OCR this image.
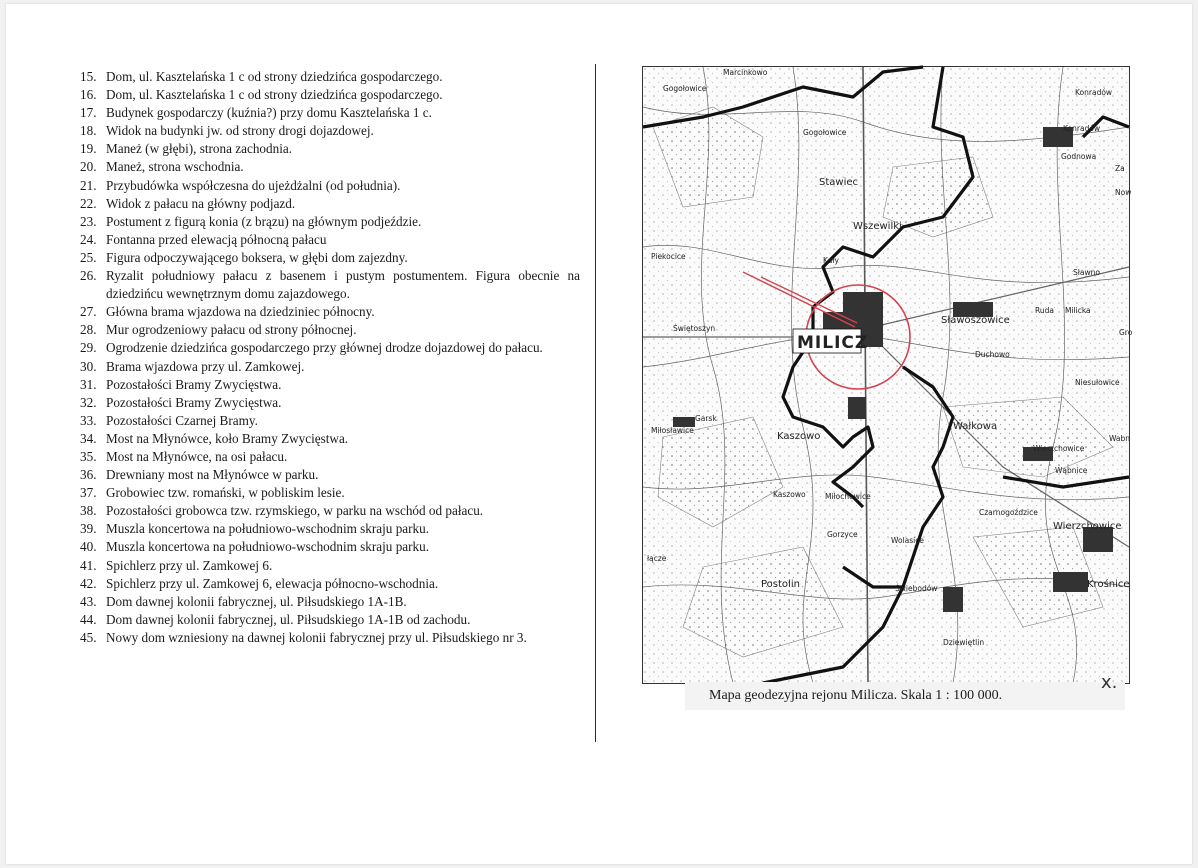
15. Dom, ul. Kasztelańska 1 c od strony dziedzińca gospodarczego.
16. Dom, ul. Kasztelańska 1 c od strony dziedzińca gospodarczego.
17. Budynek gospodarczy (kuźnia?) przy domu Kasztelańska 1 c.
18. Widok na budynki jw. od strony drogi dojazdowej.
19. Maneż (w głębi), strona zachodnia.
20. Maneż, strona wschodnia.
21. Przybudówka współczesna do ujeżdżalni (od południa).
22. Widok z pałacu na główny podjazd.
23. Postument z figurą konia (z brązu) na głównym podjeździe.
24. Fontanna przed elewacją północną pałacu
25. Figura odpoczywającego boksera, w głębi dom zajezdny.
26. Ryzalit południowy pałacu z basenem i pustym postumentem. Figura obecnie na dziedzińcu wewnętrznym domu zajazdowego.
27. Główna brama wjazdowa na dziedziniec północny.
28. Mur ogrodzeniowy pałacu od strony północnej.
29. Ogrodzenie dziedzińca gospodarczego przy głównej drodze dojazdowej do pałacu.
30. Brama wjazdowa przy ul. Zamkowej.
31. Pozostałości Bramy Zwycięstwa.
32. Pozostałości Bramy Zwycięstwa.
33. Pozostałości Czarnej Bramy.
34. Most na Młynówce, koło Bramy Zwycięstwa.
35. Most na Młynówce, na osi pałacu.
36. Drewniany most na Młynówce w parku.
37. Grobowiec tzw. romański, w pobliskim lesie.
38. Pozostałości grobowca tzw. rzymskiego, w parku na wschód od pałacu.
39. Muszla koncertowa na południowo-wschodnim skraju parku.
40. Muszla koncertowa na południowo-wschodnim skraju parku.
41. Spichlerz przy ul. Zamkowej 6.
42. Spichlerz przy ul. Zamkowej 6, elewacja północno-wschodnia.
43. Dom dawnej kolonii fabrycznej, ul. Piłsudskiego 1A-1B.
44. Dom dawnej kolonii fabrycznej, ul. Piłsudskiego 1A-1B od zachodu.
45. Nowy dom wzniesiony na dawnej kolonii fabrycznej przy ul. Piłsudskiego nr 3.
MILICZ
Marcinkowo
Gogołowice	Konradów
Gogołowice	Konradów
Godnowa
Za
Now
Stawiec
Wszewilki
Piekocice	Kały
Sławno
Ruda Milicka
Gro
Świętoszyn
Sławoszowice
Duchowo
Niesułowice
Miłosławice
Garsk
Kaszowo
Wałkowa
Wabn
Wierzchowice
Wąbnice
Kaszowo	Miłochowice
Czarnogoździce
Wierzchowice
Gorzyce
Wolasice
łącze
Postolin	Świebodów	Krośnice
Dziewiętlin
Mapa geodezyjna rejonu Milicza. Skala 1 : 100 000.
x.
